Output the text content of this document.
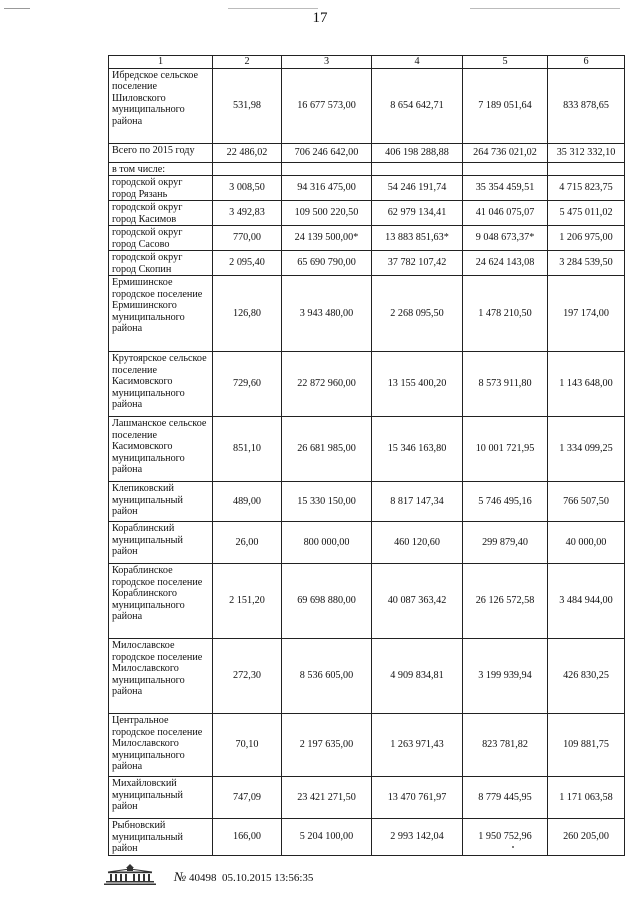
17
1	2	3	4	5	6
Ибредское сельское поселение Шиловского муниципального района	531,98	16 677 573,00	8 654 642,71	7 189 051,64	833 878,65
Всего по 2015 году	22 486,02	706 246 642,00	406 198 288,88	264 736 021,02	35 312 332,10
в том числе:					
городской округ город Рязань	3 008,50	94 316 475,00	54 246 191,74	35 354 459,51	4 715 823,75
городской округ город Касимов	3 492,83	109 500 220,50	62 979 134,41	41 046 075,07	5 475 011,02
городской округ город Сасово	770,00	24 139 500,00*	13 883 851,63*	9 048 673,37*	1 206 975,00
городской округ город Скопин	2 095,40	65 690 790,00	37 782 107,42	24 624 143,08	3 284 539,50
Ермишинское городское поселение Ермишинского муниципального района	126,80	3 943 480,00	2 268 095,50	1 478 210,50	197 174,00
Крутоярское сельское поселение Касимовского муниципального района	729,60	22 872 960,00	13 155 400,20	8 573 911,80	1 143 648,00
Лашманское сельское поселение Касимовского муниципального района	851,10	26 681 985,00	15 346 163,80	10 001 721,95	1 334 099,25
Клепиковский муниципальный район	489,00	15 330 150,00	8 817 147,34	5 746 495,16	766 507,50
Кораблинский муниципальный район	26,00	800 000,00	460 120,60	299 879,40	40 000,00
Кораблинское городское поселение Кораблинского муниципального района	2 151,20	69 698 880,00	40 087 363,42	26 126 572,58	3 484 944,00
Милославское городское поселение Милославского муниципального района	272,30	8 536 605,00	4 909 834,81	3 199 939,94	426 830,25
Центральное городское поселение Милославского муниципального района	70,10	2 197 635,00	1 263 971,43	823 781,82	109 881,75
Михайловский муниципальный район	747,09	23 421 271,50	13 470 761,97	8 779 445,95	1 171 063,58
Рыбновский муниципальный район	166,00	5 204 100,00	2 993 142,04	1 950 752,96	260 205,00
№ 40498 05.10.2015 13:56:35
